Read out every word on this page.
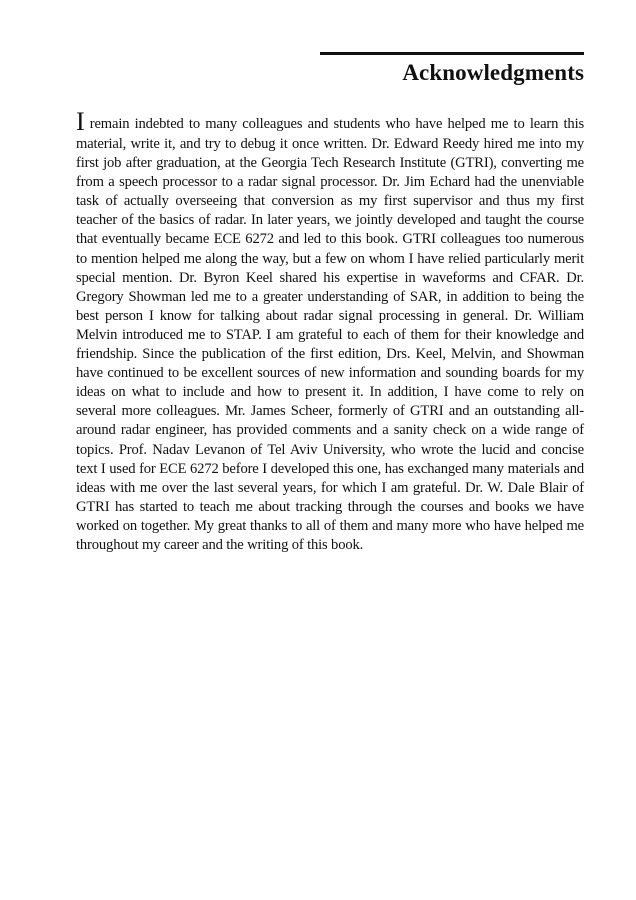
Acknowledgments

I remain indebted to many colleagues and students who have helped me to learn this material, write it, and try to debug it once written. Dr. Edward Reedy hired me into my first job after graduation, at the Georgia Tech Research Institute (GTRI), converting me from a speech processor to a radar signal processor. Dr. Jim Echard had the unenviable task of actually overseeing that conversion as my first supervisor and thus my first teacher of the basics of radar. In later years, we jointly developed and taught the course that eventually became ECE 6272 and led to this book. GTRI colleagues too numerous to mention helped me along the way, but a few on whom I have relied particularly merit special mention. Dr. Byron Keel shared his expertise in waveforms and CFAR. Dr. Gregory Showman led me to a greater understanding of SAR, in addition to being the best person I know for talking about radar signal processing in general. Dr. William Melvin introduced me to STAP. I am grateful to each of them for their knowledge and friendship. Since the publication of the first edition, Drs. Keel, Melvin, and Showman have continued to be excellent sources of new information and sounding boards for my ideas on what to include and how to present it. In addition, I have come to rely on several more colleagues. Mr. James Scheer, formerly of GTRI and an outstanding all-around radar engineer, has provided comments and a sanity check on a wide range of topics. Prof. Nadav Levanon of Tel Aviv University, who wrote the lucid and concise text I used for ECE 6272 before I developed this one, has exchanged many materials and ideas with me over the last several years, for which I am grateful. Dr. W. Dale Blair of GTRI has started to teach me about tracking through the courses and books we have worked on together. My great thanks to all of them and many more who have helped me throughout my career and the writing of this book.
